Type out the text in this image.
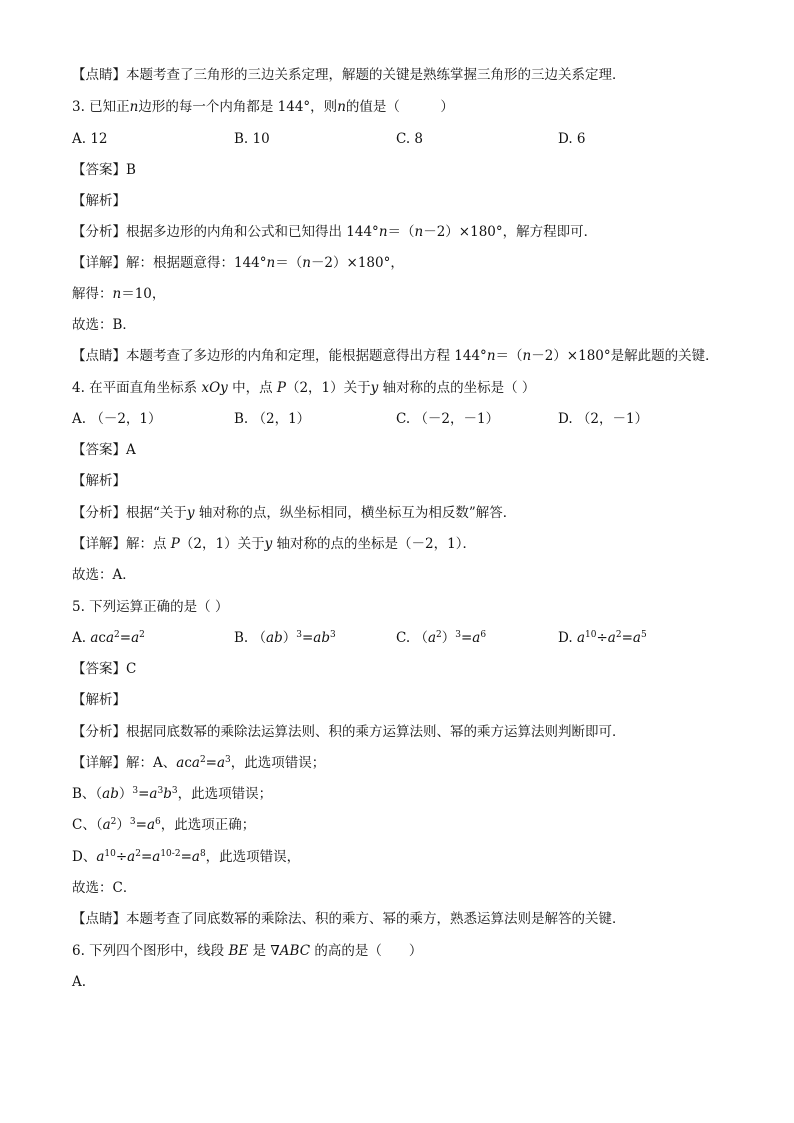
【点睛】本题考查了三角形的三边关系定理，解题的关键是熟练掌握三角形的三边关系定理．
3. 已知正n边形的每一个内角都是 144°，则n的值是（　　　）
A. 12	B. 10	C. 8	D. 6
【答案】B
【解析】
【分析】根据多边形的内角和公式和已知得出 144°n＝（n－2）×180°，解方程即可．
【详解】解：根据题意得：144°n＝（n－2）×180°，
解得：n＝10，
故选：B．
【点睛】本题考查了多边形的内角和定理，能根据题意得出方程 144°n＝（n－2）×180°是解此题的关键．
4. 在平面直角坐标系 xOy 中，点 P（2，1）关于y 轴对称的点的坐标是（ ）
A. （－2，1）	B. （2，1）	C. （－2，－1）	D. （2，－1）
【答案】A
【解析】
【分析】根据“关于y 轴对称的点，纵坐标相同，横坐标互为相反数”解答．
【详解】解：点 P（2，1）关于y 轴对称的点的坐标是（－2，1）．
故选：A．
5. 下列运算正确的是（ ）
A. $aⅽa^2=a^2$	B. $(ab)^3=ab^3$	C. $(a^2)^3=a^6$	D. $a^{10}\div a^2=a^5$
【答案】C
【解析】
【分析】根据同底数幂的乘除法运算法则、积的乘方运算法则、幂的乘方运算法则判断即可．
【详解】解：A、$aⅽa^2=a^3$，此选项错误；
B、$(ab)^3=a^3b^3$，此选项错误；
C、$(a^2)^3=a^6$，此选项正确；
D、$a^{10}\div a^2=a^{10-2}=a^8$，此选项错误，
故选：C．
【点睛】本题考查了同底数幂的乘除法、积的乘方、幂的乘方，熟悉运算法则是解答的关键．
6. 下列四个图形中，线段 BE 是 ∇ABC 的高的是（　　）
A.
